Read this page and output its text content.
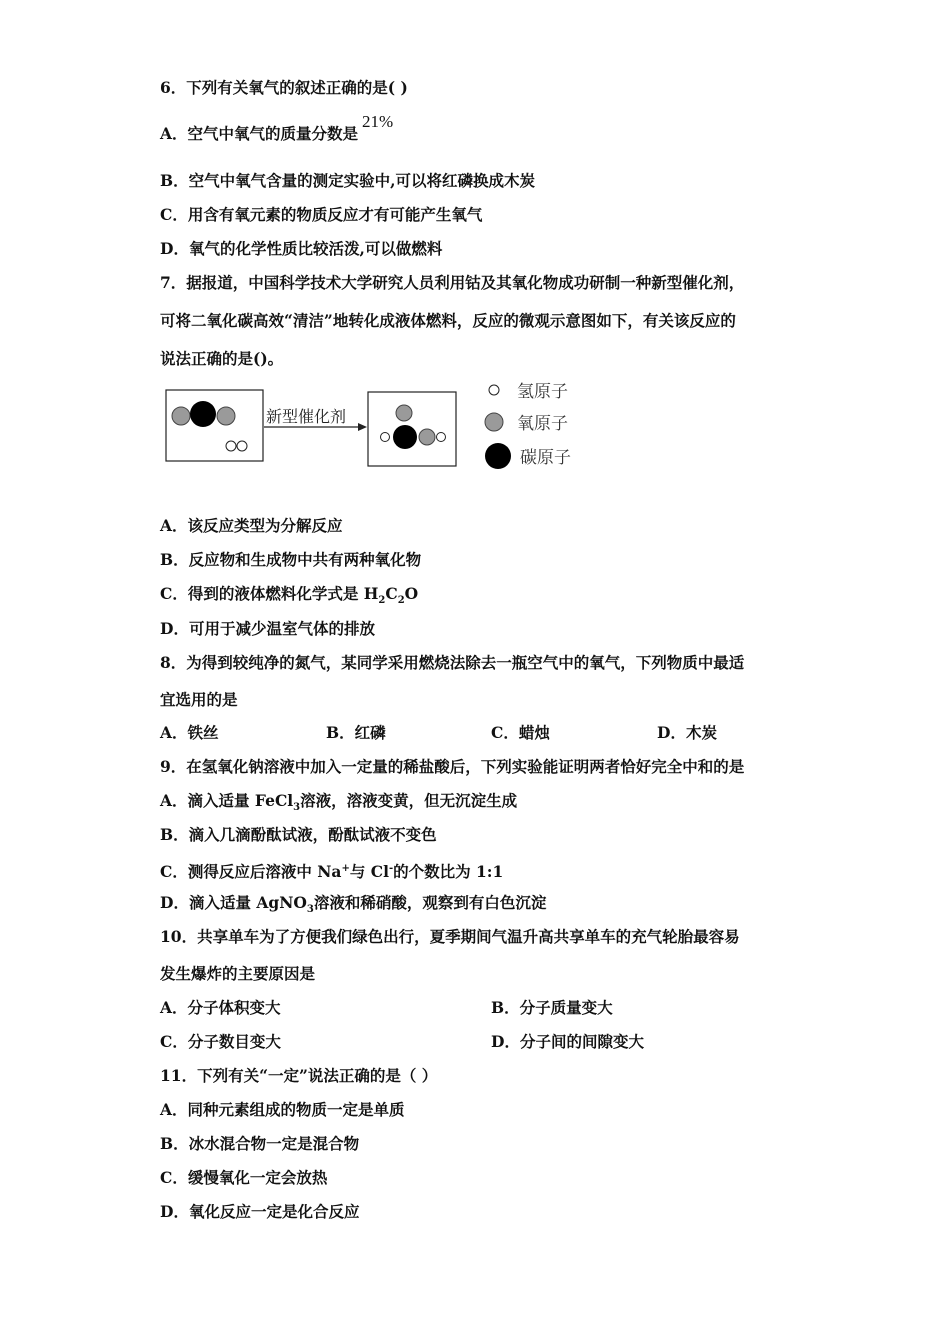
6．下列有关氧气的叙述正确的是( )
A．空气中氧气的质量分数是21%
B．空气中氧气含量的测定实验中,可以将红磷换成木炭
C．用含有氧元素的物质反应才有可能产生氧气
D．氧气的化学性质比较活泼,可以做燃料
7．据报道，中国科学技术大学研究人员利用钴及其氧化物成功研制一种新型催化剂，
可将二氧化碳高效“清洁”地转化成液体燃料，反应的微观示意图如下，有关该反应的
说法正确的是()。
新型催化剂
氢原子
氧原子
碳原子
A．该反应类型为分解反应
B．反应物和生成物中共有两种氧化物
C．得到的液体燃料化学式是 $H_2C_2O$
D．可用于减少温室气体的排放
8．为得到较纯净的氮气，某同学采用燃烧法除去一瓶空气中的氧气，下列物质中最适
宜选用的是
A．铁丝	B．红磷	C．蜡烛	D．木炭
9．在氢氧化钠溶液中加入一定量的稀盐酸后，下列实验能证明两者恰好完全中和的是
A．滴入适量 FeCl$_3$溶液，溶液变黄，但无沉淀生成
B．滴入几滴酚酞试液，酚酞试液不变色
C．测得反应后溶液中 Na+与 Cl-的个数比为 1:1
D．滴入适量 AgNO$_3$溶液和稀硝酸，观察到有白色沉淀
10．共享单车为了方便我们绿色出行，夏季期间气温升高共享单车的充气轮胎最容易
发生爆炸的主要原因是
A．分子体积变大	B．分子质量变大
C．分子数目变大	D．分子间的间隙变大
11．下列有关“一定”说法正确的是（ ）
A．同种元素组成的物质一定是单质
B．冰水混合物一定是混合物
C．缓慢氧化一定会放热
D．氧化反应一定是化合反应
